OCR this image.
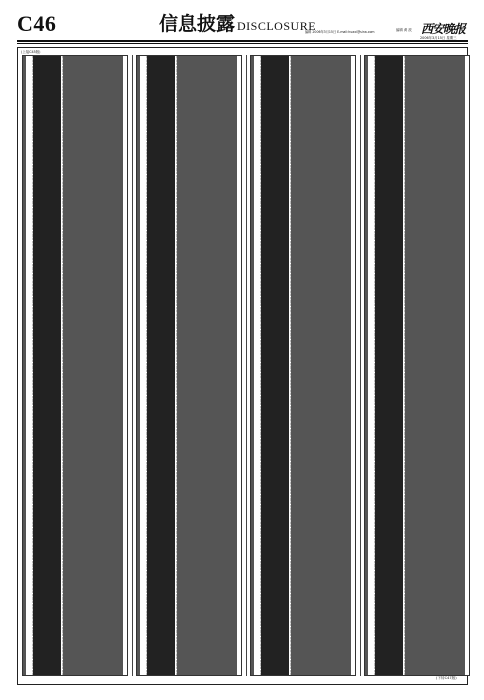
C46	信息披露 DISCLOSURE
编辑 2006年3月15日 E-mail:huaxi@sina.com	编辑 黄 波 西安晚报
2006年3月15日 星期三
(上接C45版)
(下转C47版)
